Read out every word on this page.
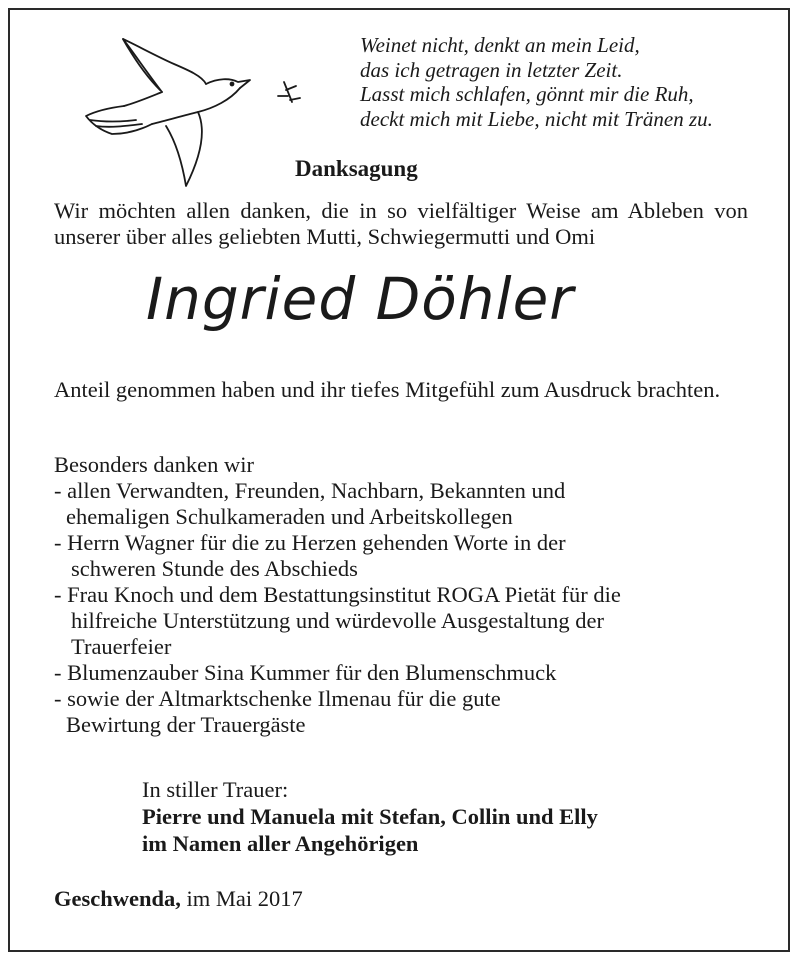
Weinet nicht, denkt an mein Leid,
das ich getragen in letzter Zeit.
Lasst mich schlafen, gönnt mir die Ruh,
deckt mich mit Liebe, nicht mit Tränen zu.
Danksagung
Wir möchten allen danken, die in so vielfältiger Weise am Ableben von unserer über alles geliebten Mutti, Schwiegermutti und Omi
Ingried Döhler
Anteil genommen haben und ihr tiefes Mitgefühl zum Ausdruck brachten.
Besonders danken wir
- allen Verwandten, Freunden, Nachbarn, Bekannten und
ehemaligen Schulkameraden und Arbeitskollegen
- Herrn Wagner für die zu Herzen gehenden Worte in der
schweren Stunde des Abschieds
- Frau Knoch und dem Bestattungsinstitut ROGA Pietät für die
hilfreiche Unterstützung und würdevolle Ausgestaltung der
Trauerfeier
- Blumenzauber Sina Kummer für den Blumenschmuck
- sowie der Altmarktschenke Ilmenau für die gute
Bewirtung der Trauergäste
In stiller Trauer:
Pierre und Manuela mit Stefan, Collin und Elly
im Namen aller Angehörigen
Geschwenda, im Mai 2017
